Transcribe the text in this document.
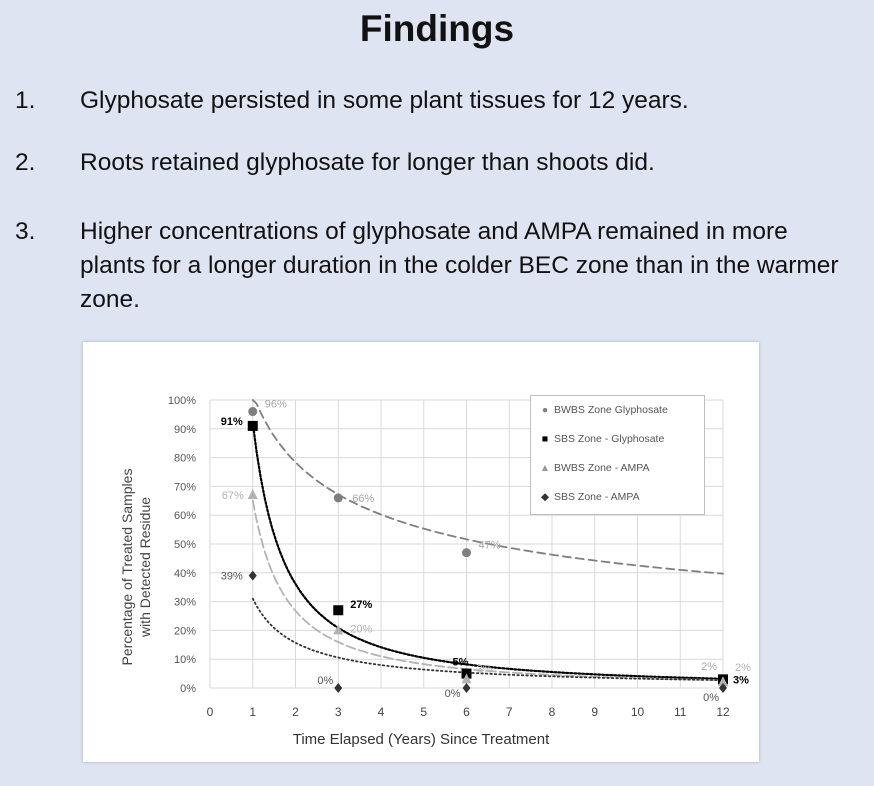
Findings
1.	Glyphosate persisted in some plant tissues for 12 years.
2.	Roots retained glyphosate for longer than shoots did.
3.	Higher concentrations of glyphosate and AMPA remained in more plants for a longer duration in the colder BEC zone than in the warmer zone.
0%
10%
20%
30%
40%
50%
60%
70%
80%
90%
100%
0	1	2	3	4	5	6	7	8	9	10 11 12
96%
66%
47%
2%
91%
27%
5%
3%
67%
20%
3%	2%
39%
0%
0%	0%
Percentage of Treated Samples with Detected Residue
Time Elapsed (Years) Since Treatment
● BWBS Zone Glyphosate
■ SBS Zone - Glyphosate
▲ BWBS Zone - AMPA
◆ SBS Zone - AMPA
